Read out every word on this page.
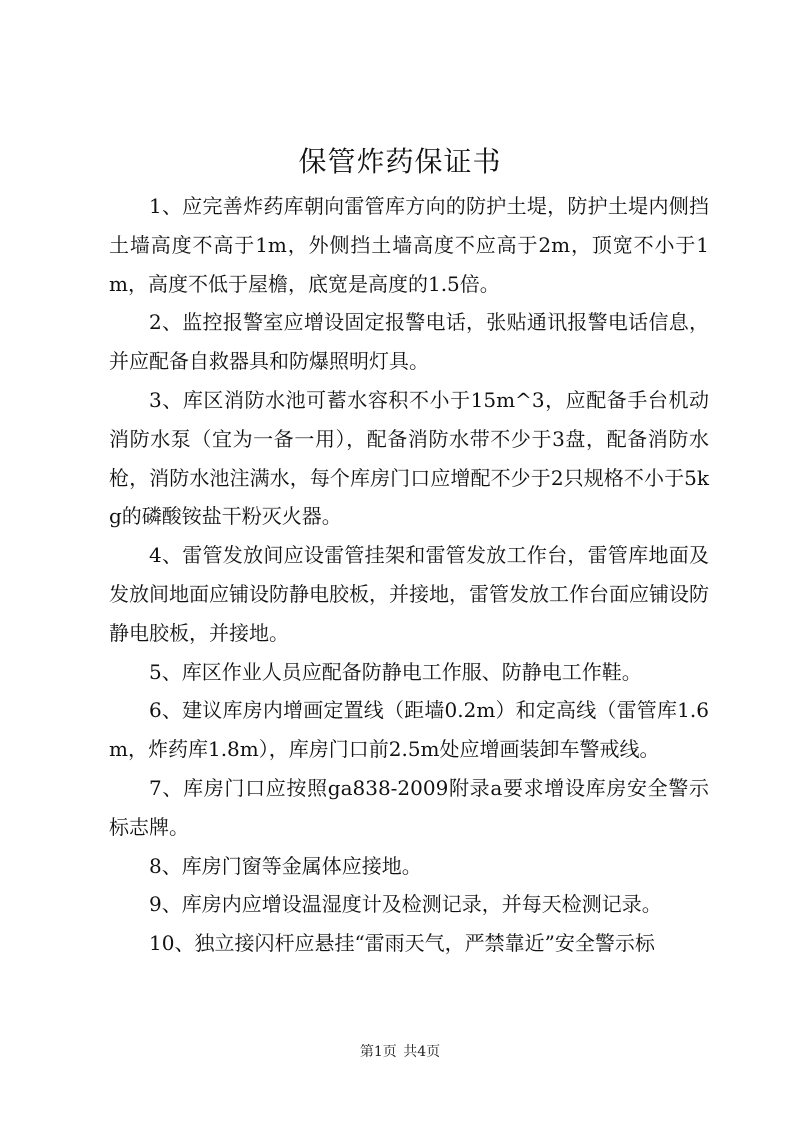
保管炸药保证书

1、应完善炸药库朝向雷管库方向的防护土堤，防护土堤内侧挡土墙高度不高于1m，外侧挡土墙高度不应高于2m，顶宽不小于1m，高度不低于屋檐，底宽是高度的1.5倍。

2、监控报警室应增设固定报警电话，张贴通讯报警电话信息，并应配备自救器具和防爆照明灯具。

3、库区消防水池可蓄水容积不小于15m^3，应配备手台机动消防水泵（宜为一备一用），配备消防水带不少于3盘，配备消防水枪，消防水池注满水，每个库房门口应增配不少于2只规格不小于5kg的磷酸铵盐干粉灭火器。

4、雷管发放间应设雷管挂架和雷管发放工作台，雷管库地面及发放间地面应铺设防静电胶板，并接地，雷管发放工作台面应铺设防静电胶板，并接地。

5、库区作业人员应配备防静电工作服、防静电工作鞋。

6、建议库房内增画定置线（距墙0.2m）和定高线（雷管库1.6m，炸药库1.8m），库房门口前2.5m处应增画装卸车警戒线。

7、库房门口应按照ga838-2009附录a要求增设库房安全警示标志牌。

8、库房门窗等金属体应接地。

9、库房内应增设温湿度计及检测记录，并每天检测记录。

10、独立接闪杆应悬挂“雷雨天气，严禁靠近”安全警示标

第1页 共4页
